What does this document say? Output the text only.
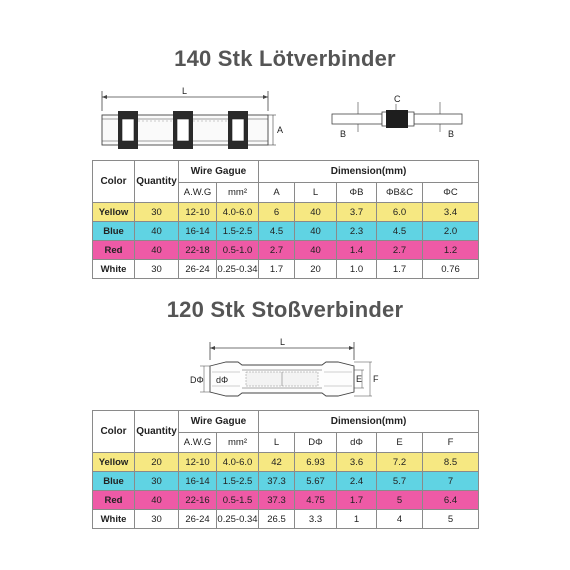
140 Stk Lötverbinder
L
A	B	B
C
Color	Quantity	Wire Gague		Dimension(mm)				
		A.W.G	mm²	A	L	ΦB	ΦB&C	ΦC
Yellow	30	12-10	4.0-6.0	6	40	3.7	6.0	3.4
Blue	40	16-14	1.5-2.5	4.5	40	2.3	4.5	2.0
Red	40	22-18	0.5-1.0	2.7	40	1.4	2.7	1.2
White	30	26-24	0.25-0.34	1.7	20	1.0	1.7	0.76
120 Stk Stoßverbinder
L
DΦ dΦ	E F
Color	Quantity	Wire Gague		Dimension(mm)				
		A.W.G	mm²	L	DΦ	dΦ	E	F
Yellow	20	12-10	4.0-6.0	42	6.93	3.6	7.2	8.5
Blue	30	16-14	1.5-2.5	37.3	5.67	2.4	5.7	7
Red	40	22-16	0.5-1.5	37.3	4.75	1.7	5	6.4
White	30	26-24	0.25-0.34	26.5	3.3	1	4	5
